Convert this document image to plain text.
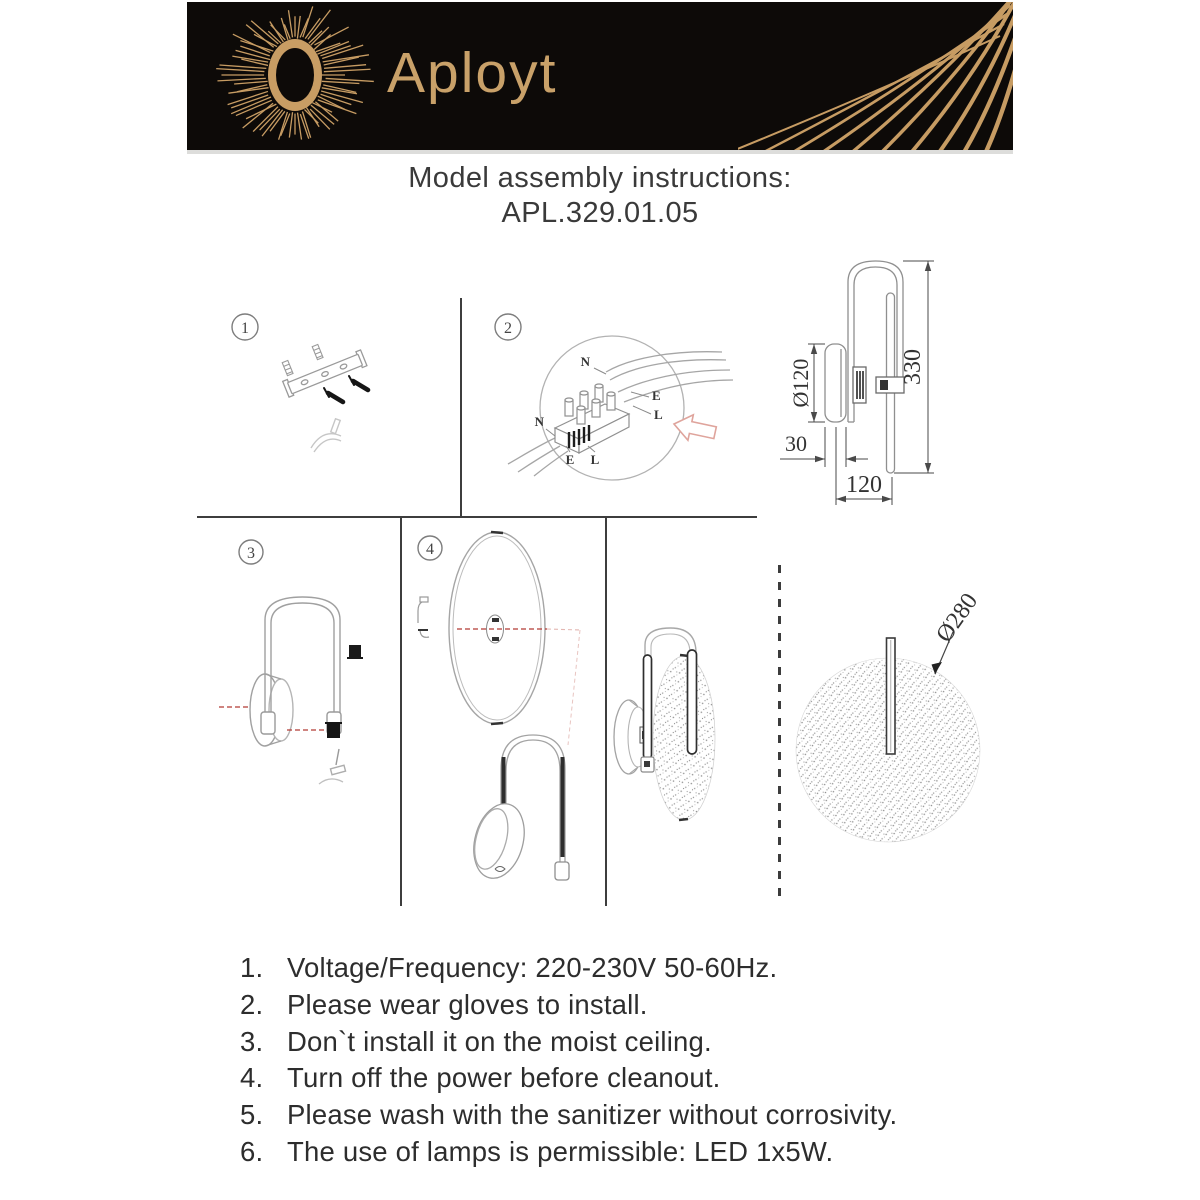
Aployt
Model assembly instructions:
APL.329.01.05
1	2
N
E
L
N
E L
Ø120	330
30
120
3	4
Ø280
1. Voltage/Frequency: 220-230V 50-60Hz.
2. Please wear gloves to install.
3. Don`t install it on the moist ceiling.
4. Turn off the power before cleanout.
5. Please wash with the sanitizer without corrosivity.
6. The use of lamps is permissible: LED 1x5W.
